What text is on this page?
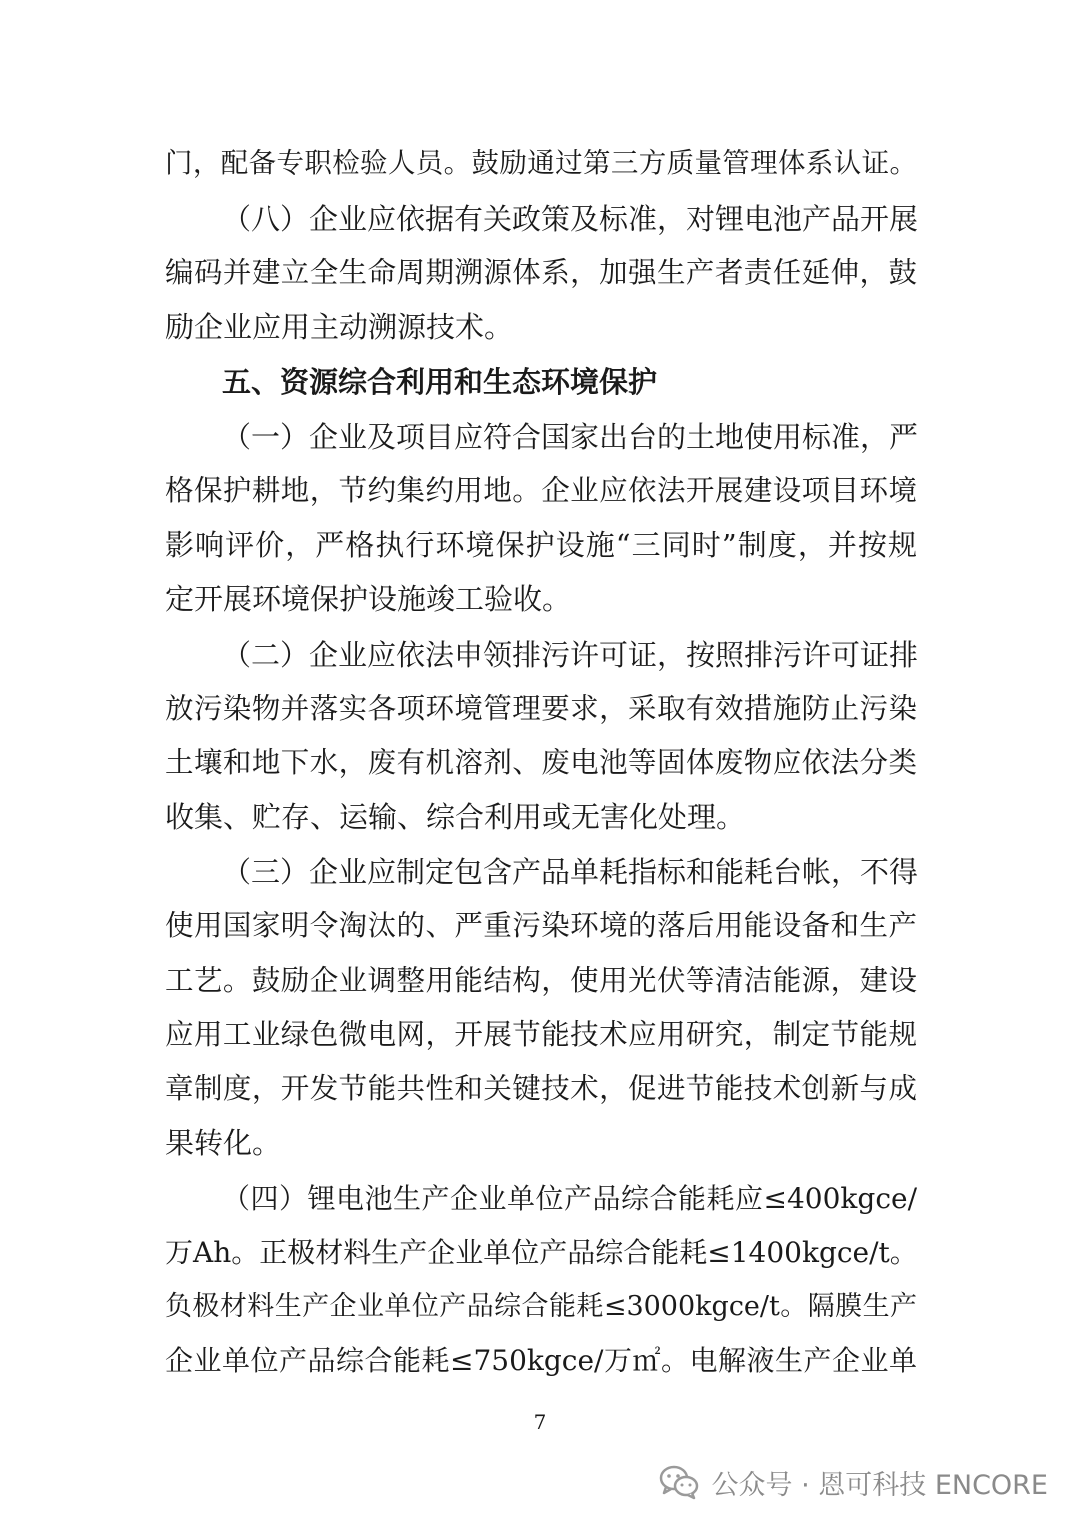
门，配备专职检验人员。鼓励通过第三方质量管理体系认证。
（八）企业应依据有关政策及标准，对锂电池产品开展
编码并建立全生命周期溯源体系，加强生产者责任延伸，鼓
励企业应用主动溯源技术。
五、资源综合利用和生态环境保护
（一）企业及项目应符合国家出台的土地使用标准，严
格保护耕地，节约集约用地。企业应依法开展建设项目环境
影响评价，严格执行环境保护设施“三同时”制度，并按规
定开展环境保护设施竣工验收。
（二）企业应依法申领排污许可证，按照排污许可证排
放污染物并落实各项环境管理要求，采取有效措施防止污染
土壤和地下水，废有机溶剂、废电池等固体废物应依法分类
收集、贮存、运输、综合利用或无害化处理。
（三）企业应制定包含产品单耗指标和能耗台帐，不得
使用国家明令淘汰的、严重污染环境的落后用能设备和生产
工艺。鼓励企业调整用能结构，使用光伏等清洁能源，建设
应用工业绿色微电网，开展节能技术应用研究，制定节能规
章制度，开发节能共性和关键技术，促进节能技术创新与成
果转化。
（四）锂电池生产企业单位产品综合能耗应≤400kgce/
万Ah。正极材料生产企业单位产品综合能耗≤1400kgce/t。
负极材料生产企业单位产品综合能耗≤3000kgce/t。隔膜生产
企业单位产品综合能耗≤750kgce/万㎡。电解液生产企业单
7
公众号 · 恩可科技 ENCORE
